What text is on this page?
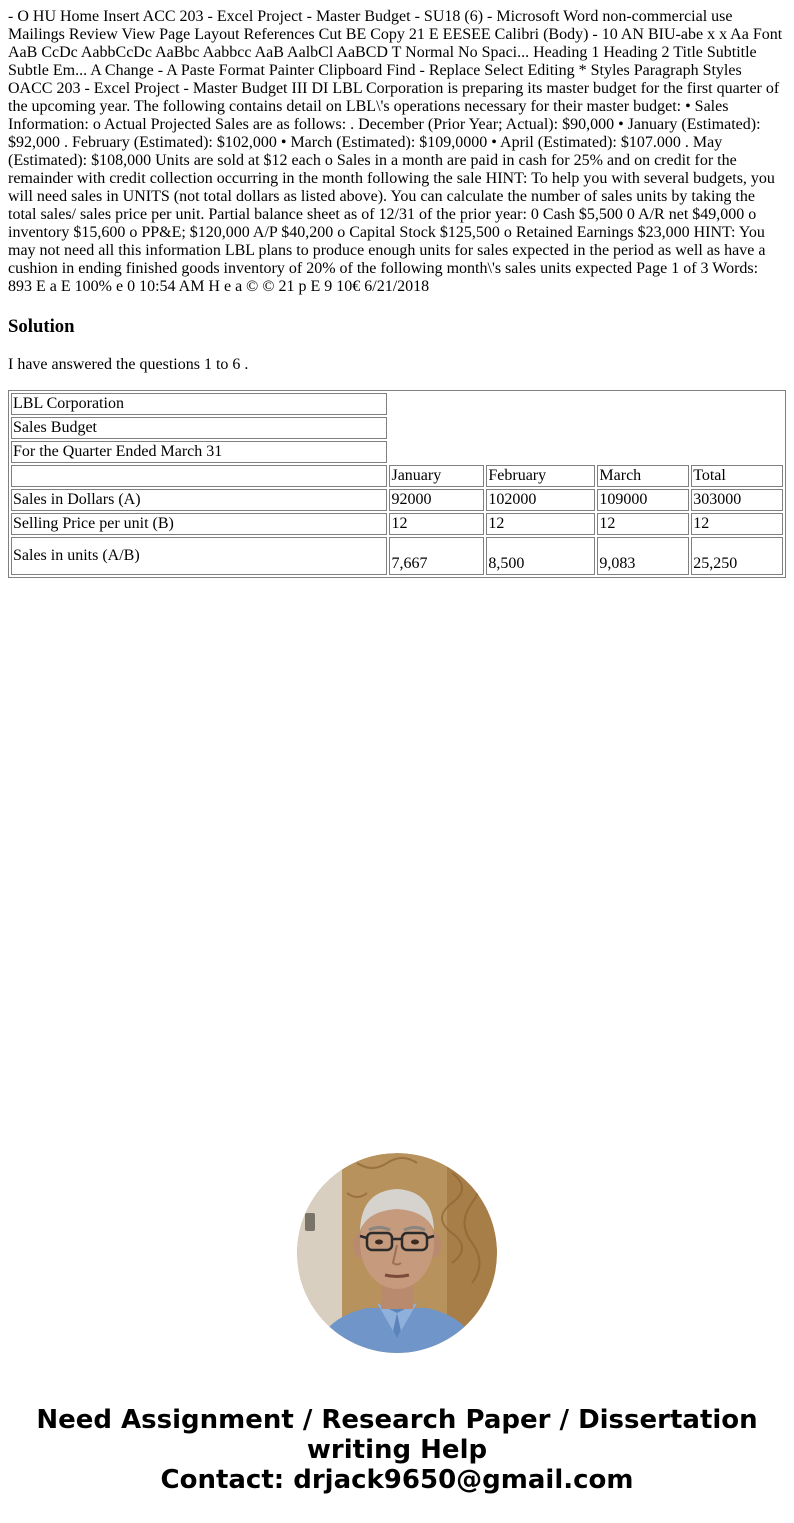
- O HU Home Insert ACC 203 - Excel Project - Master Budget - SU18 (6) - Microsoft Word non-commercial use Mailings Review View Page Layout References Cut BE Copy 21 E EESEE Calibri (Body) - 10 AN BIU-abe x x Aa Font AaB CcDc AabbCcDc AaBbc Aabbcc AaB AalbCl AaBCD T Normal No Spaci... Heading 1 Heading 2 Title Subtitle Subtle Em... A Change - A Paste Format Painter Clipboard Find - Replace Select Editing * Styles Paragraph Styles OACC 203 - Excel Project - Master Budget III DI LBL Corporation is preparing its master budget for the first quarter of the upcoming year. The following contains detail on LBL\'s operations necessary for their master budget: • Sales Information: o Actual Projected Sales are as follows: . December (Prior Year; Actual): $90,000 • January (Estimated): $92,000 . February (Estimated): $102,000 • March (Estimated): $109,0000 • April (Estimated): $107.000 . May (Estimated): $108,000 Units are sold at $12 each o Sales in a month are paid in cash for 25% and on credit for the remainder with credit collection occurring in the month following the sale HINT: To help you with several budgets, you will need sales in UNITS (not total dollars as listed above). You can calculate the number of sales units by taking the total sales/ sales price per unit. Partial balance sheet as of 12/31 of the prior year: 0 Cash $5,500 0 A/R net $49,000 o inventory $15,600 o PP&E; $120,000 A/P $40,200 o Capital Stock $125,500 o Retained Earnings $23,000 HINT: You may not need all this information LBL plans to produce enough units for sales expected in the period as well as have a cushion in ending finished goods inventory of 20% of the following month\'s sales units expected Page 1 of 3 Words: 893 E a E 100% e 0 10:54 AM H e a © © 21 p E 9 10€ 6/21/2018

Solution

I have answered the questions 1 to 6 .

LBL Corporation				
Sales Budget				
For the Quarter Ended March 31				
	January	February	March	Total
Sales in Dollars (A)	92000	102000	109000	303000
Selling Price per unit (B)	12	12	12	12
Sales in units (A/B)	7,667	8,500	9,083	25,250
Need Assignment / Research Paper / Dissertation
writing Help
Contact: drjack9650@gmail.com
